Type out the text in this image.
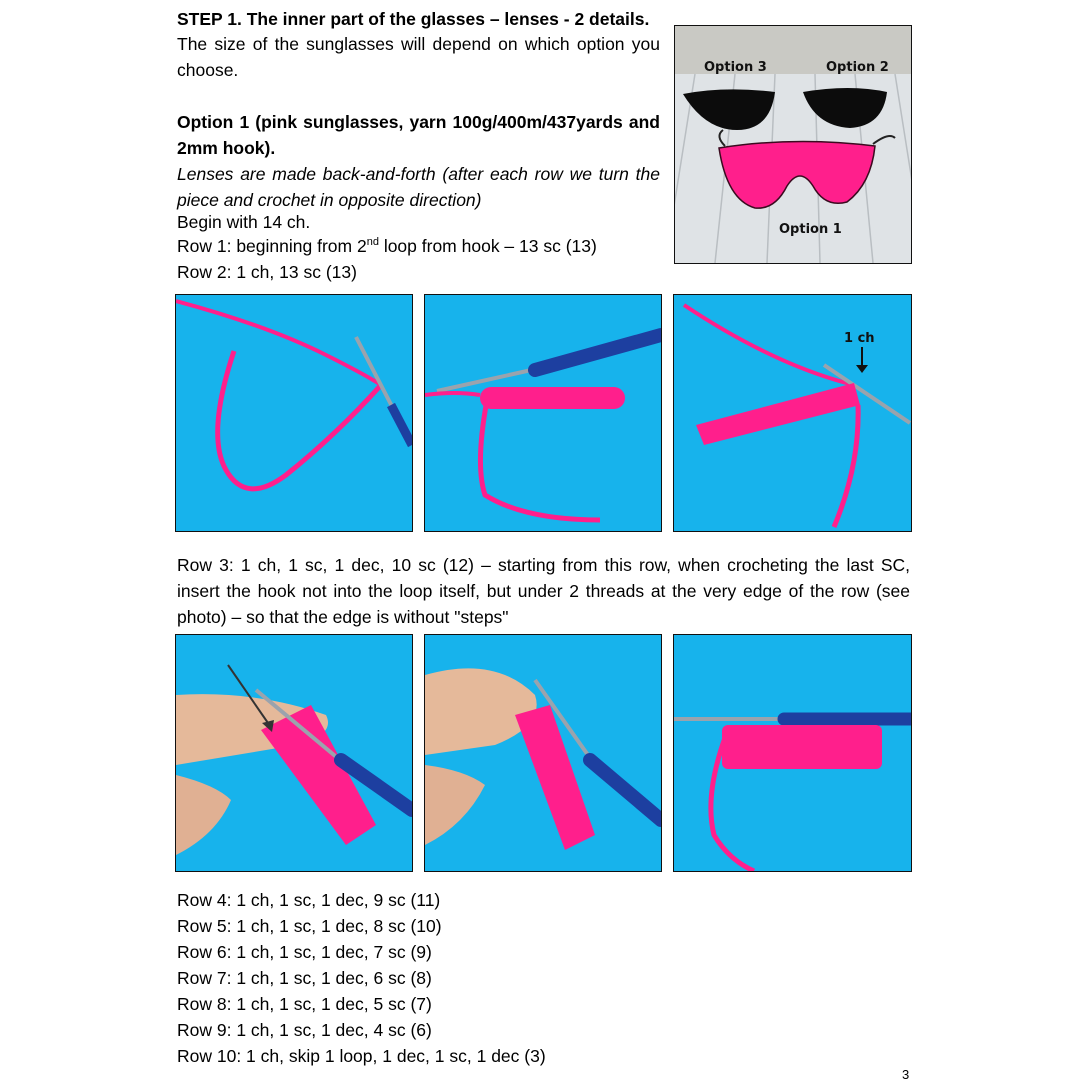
STEP 1. The inner part of the glasses – lenses - 2 details.
The size of the sunglasses will depend on which option you choose.
Option 1 (pink sunglasses, yarn 100g/400m/437yards and 2mm hook).
Lenses are made back-and-forth (after each row we turn the piece and crochet in opposite direction)
Begin with 14 ch.
Row 1: beginning from 2nd loop from hook – 13 sc (13)
Row 2: 1 ch, 13 sc (13)
Option 3	Option 2
Option 1
1 ch
Row 3: 1 ch, 1 sc, 1 dec, 10 sc (12) – starting from this row, when crocheting the last SC, insert the hook not into the loop itself, but under 2 threads at the very edge of the row (see photo) – so that the edge is without "steps"
Row 4: 1 ch, 1 sc, 1 dec, 9 sc (11)
Row 5: 1 ch, 1 sc, 1 dec, 8 sc (10)
Row 6: 1 ch, 1 sc, 1 dec, 7 sc (9)
Row 7: 1 ch, 1 sc, 1 dec, 6 sc (8)
Row 8: 1 ch, 1 sc, 1 dec, 5 sc (7)
Row 9: 1 ch, 1 sc, 1 dec, 4 sc (6)
Row 10: 1 ch, skip 1 loop, 1 dec, 1 sc, 1 dec (3)
3
